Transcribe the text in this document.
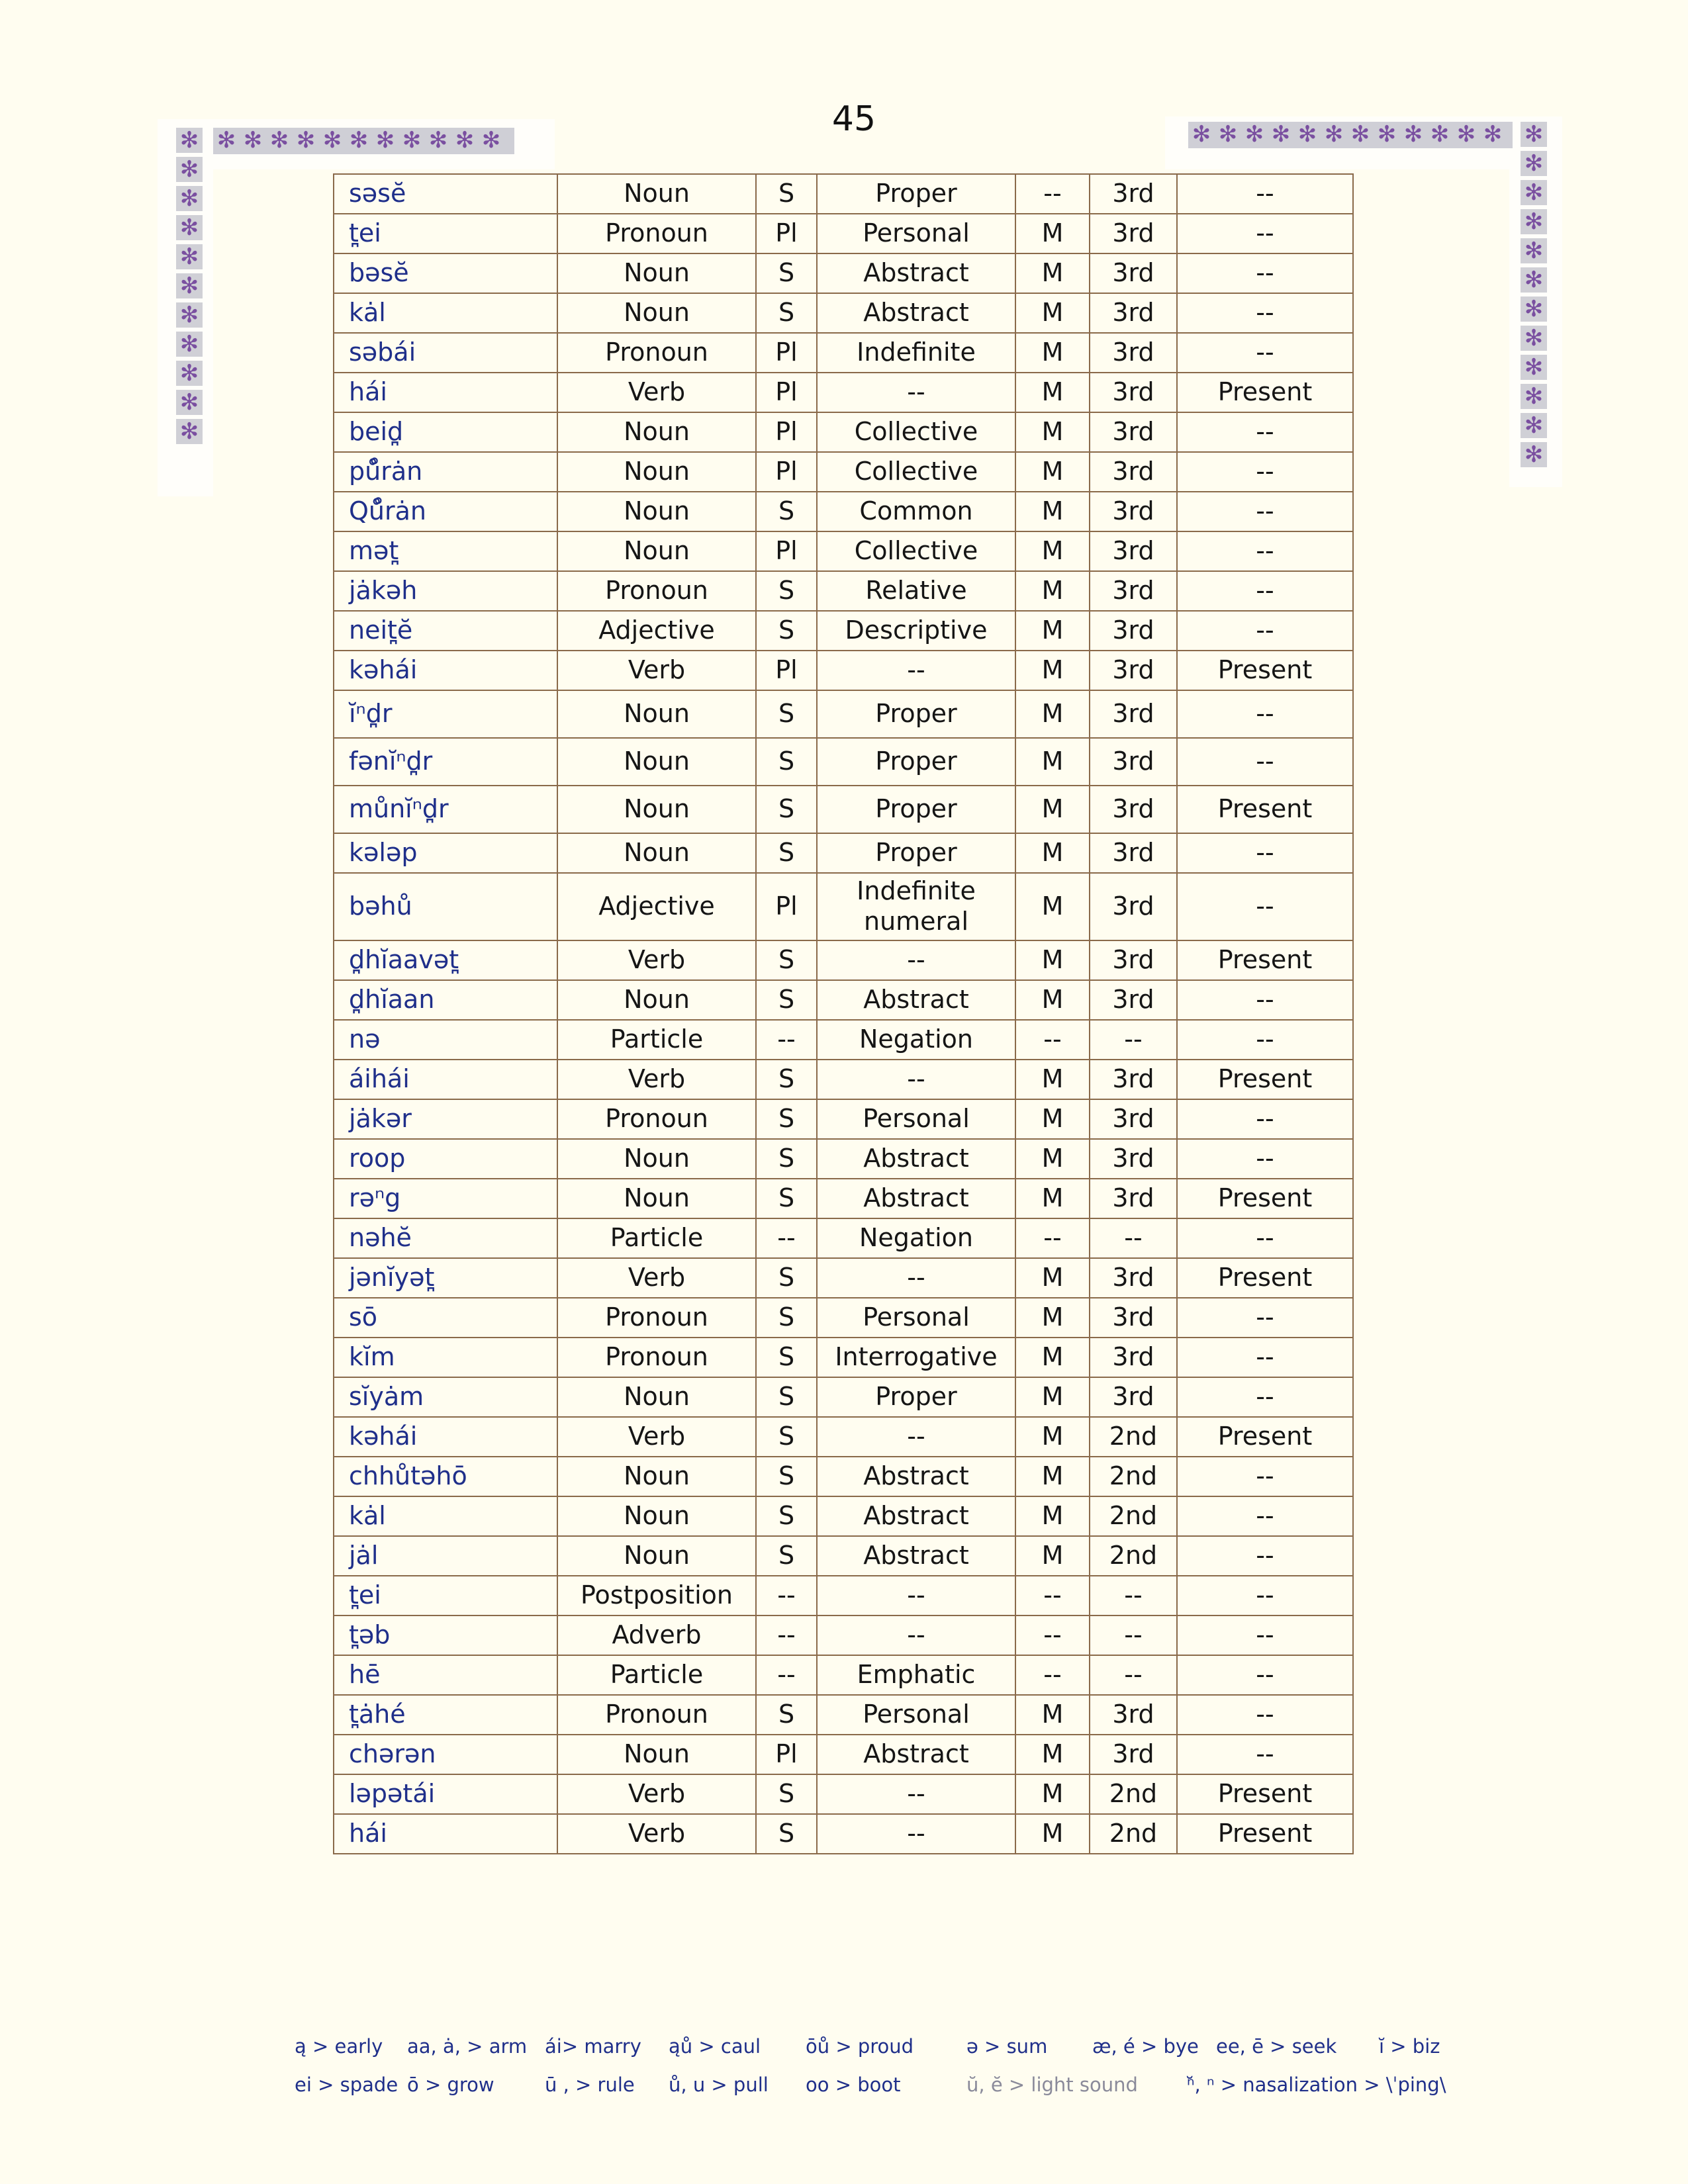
45
✻ ✻ ✻ ✻ ✻ ✻ ✻ ✻ ✻ ✻ ✻
✻
✻
✻
✻
✻
✻
✻
✻
✻
✻
✻
✻ ✻ ✻ ✻ ✻ ✻ ✻ ✻ ✻ ✻ ✻ ✻ ✻
✻
✻
✻
✻
✻
✻
✻
✻
✻
✻
✻
səsĕ	Noun	S	Proper	--	3rd	--
t̪ei	Pronoun	Pl	Personal	M	3rd	--
bəsĕ	Noun	S	Abstract	M	3rd	--
kȧl	Noun	S	Abstract	M	3rd	--
səbái	Pronoun	Pl	Indefinite	M	3rd	--
hái	Verb	Pl	--	M	3rd	Present
beid̪	Noun	Pl	Collective	M	3rd	--
pů̊rȧn	Noun	Pl	Collective	M	3rd	--
Qů̊rȧn	Noun	S	Common	M	3rd	--
mət̪	Noun	Pl	Collective	M	3rd	--
jȧkəh	Pronoun	S	Relative	M	3rd	--
neit̪ĕ	Adjective	S	Descriptive	M	3rd	--
kəhái	Verb	Pl	--	M	3rd	Present
ĭⁿd̪r	Noun	S	Proper	M	3rd	--
fənĭⁿd̪r	Noun	S	Proper	M	3rd	--
můnĭⁿd̪r	Noun	S	Proper	M	3rd	Present
kələp	Noun	S	Proper	M	3rd	--
bəhů	Adjective	Pl	Indefinite numeral	M	3rd	--
d̪hĭaavət̪	Verb	S	--	M	3rd	Present
d̪hĭaan	Noun	S	Abstract	M	3rd	--
nə	Particle	--	Negation	--	--	--
áihái	Verb	S	--	M	3rd	Present
jȧkər	Pronoun	S	Personal	M	3rd	--
roop	Noun	S	Abstract	M	3rd	--
rəⁿg	Noun	S	Abstract	M	3rd	Present
nəhĕ	Particle	--	Negation	--	--	--
jənĭyət̪	Verb	S	--	M	3rd	Present
sō	Pronoun	S	Personal	M	3rd	--
kĭm	Pronoun	S	Interrogative	M	3rd	--
sĭyȧm	Noun	S	Proper	M	3rd	--
kəhái	Verb	S	--	M	2nd	Present
chhůtəhō	Noun	S	Abstract	M	2nd	--
kȧl	Noun	S	Abstract	M	2nd	--
jȧl	Noun	S	Abstract	M	2nd	--
t̪ei	Postposition	--	--	--	--	--
t̪əb	Adverb	--	--	--	--	--
hē	Particle	--	Emphatic	--	--	--
t̪ȧhé	Pronoun	S	Personal	M	3rd	--
chərən	Noun	Pl	Abstract	M	3rd	--
ləpətái	Verb	S	--	M	2nd	Present
hái	Verb	S	--	M	2nd	Present
ą > early aa, ȧ, > arm ái> marry ąů > caul ōů > proud	ə > sum æ, é > bye ee, ē > seek ĭ > biz
ei > spade ō > grow	ū , > rule ů, u > pull oo > boot	ŭ, ĕ > light sound	ⁿ̆, ⁿ > nasalization > \ˈping\
